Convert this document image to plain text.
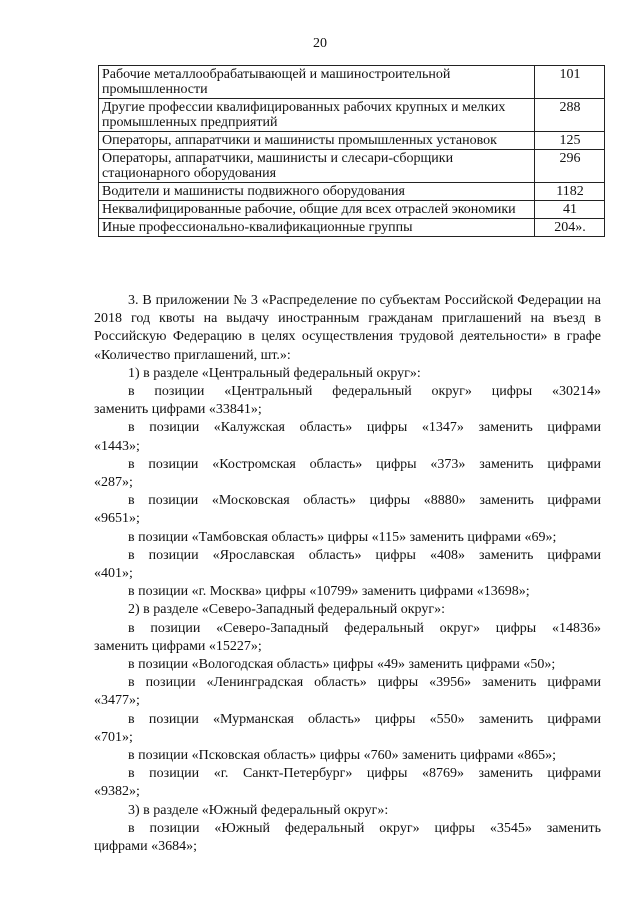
20
Рабочие металлообрабатывающей и машиностроительной промышленности	101
Другие профессии квалифицированных рабочих крупных и мелких промышленных предприятий	288
Операторы, аппаратчики и машинисты промышленных установок	125
Операторы, аппаратчики, машинисты и слесари-сборщики стационарного оборудования	296
Водители и машинисты подвижного оборудования	1182
Неквалифицированные рабочие, общие для всех отраслей экономики	41
Иные профессионально-квалификационные группы	204».

3. В приложении № 3 «Распределение по субъектам Российской Федерации на 2018 год квоты на выдачу иностранным гражданам приглашений на въезд в Российскую Федерацию в целях осуществления трудовой деятельности» в графе «Количество приглашений, шт.»:

1) в разделе «Центральный федеральный округ»:
в позиции «Центральный федеральный округ» цифры «30214»
заменить цифрами «33841»;
в позиции «Калужская область» цифры «1347» заменить цифрами
«1443»;
в позиции «Костромская область» цифры «373» заменить цифрами
«287»;
в позиции «Московская область» цифры «8880» заменить цифрами
«9651»;
в позиции «Тамбовская область» цифры «115» заменить цифрами «69»;
в позиции «Ярославская область» цифры «408» заменить цифрами
«401»;
в позиции «г. Москва» цифры «10799» заменить цифрами «13698»;
2) в разделе «Северо-Западный федеральный округ»:
в позиции «Северо-Западный федеральный округ» цифры «14836»
заменить цифрами «15227»;
в позиции «Вологодская область» цифры «49» заменить цифрами «50»;
в позиции «Ленинградская область» цифры «3956» заменить цифрами
«3477»;
в позиции «Мурманская область» цифры «550» заменить цифрами
«701»;
в позиции «Псковская область» цифры «760» заменить цифрами «865»;
в позиции «г. Санкт-Петербург» цифры «8769» заменить цифрами
«9382»;
3) в разделе «Южный федеральный округ»:
в позиции «Южный федеральный округ» цифры «3545» заменить
цифрами «3684»;
